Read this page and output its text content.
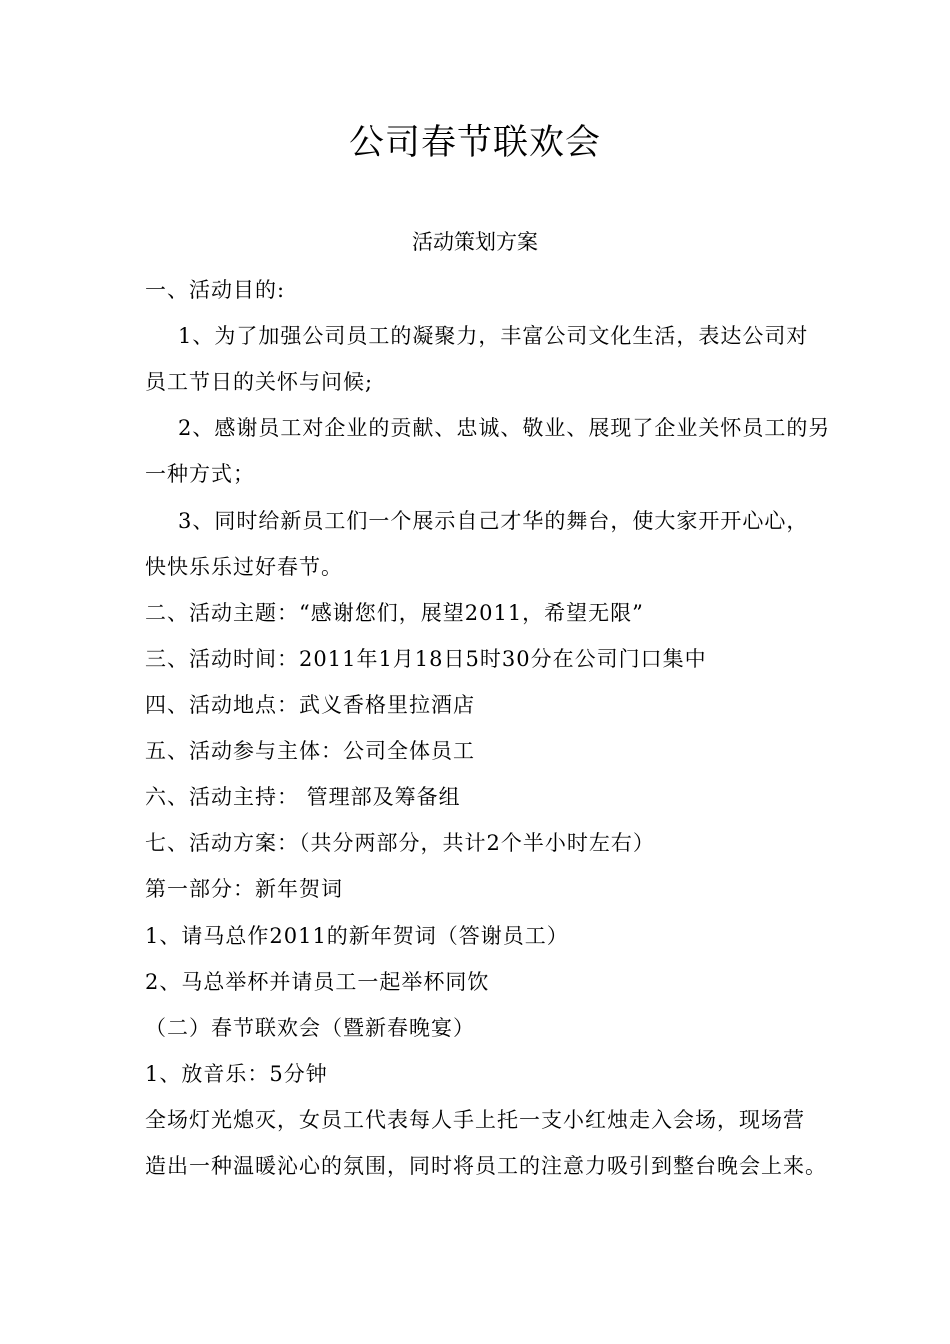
公司春节联欢会
活动策划方案
一、活动目的:
1、为了加强公司员工的凝聚力，丰富公司文化生活，表达公司对
员工节日的关怀与问候;
2、感谢员工对企业的贡献、忠诚、敬业、展现了企业关怀员工的另
一种方式；
3、同时给新员工们一个展示自己才华的舞台，使大家开开心心，
快快乐乐过好春节。
二、活动主题：“感谢您们，展望2011，希望无限”
三、活动时间：2011年1月18日5时30分在公司门口集中
四、活动地点：武义香格里拉酒店
五、活动参与主体：公司全体员工
六、活动主持： 管理部及筹备组
七、活动方案：（共分两部分，共计2个半小时左右）
第一部分：新年贺词
1、请马总作2011的新年贺词（答谢员工）
2、马总举杯并请员工一起举杯同饮
（二）春节联欢会（暨新春晚宴）
1、放音乐：5分钟
全场灯光熄灭，女员工代表每人手上托一支小红烛走入会场，现场营
造出一种温暖沁心的氛围，同时将员工的注意力吸引到整台晚会上来。
